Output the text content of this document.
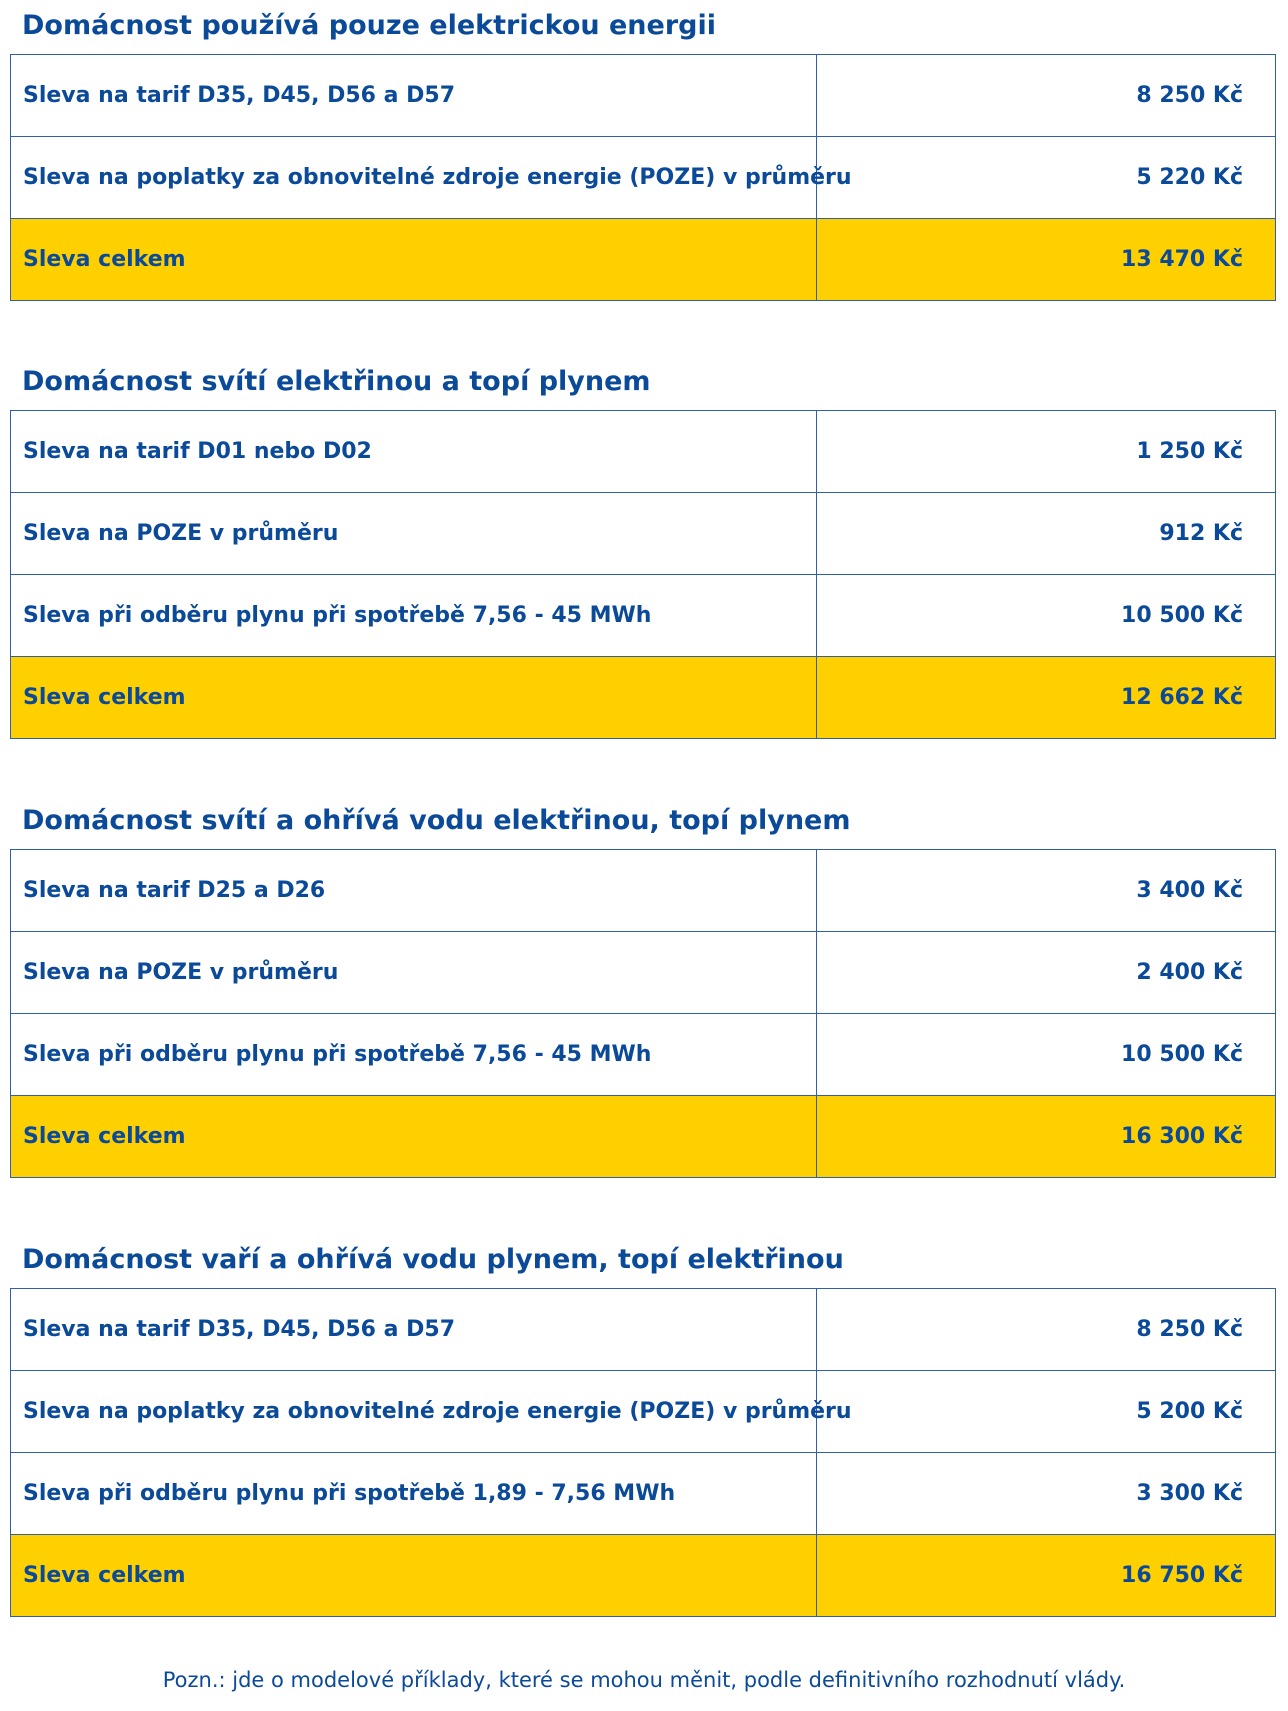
Domácnost používá pouze elektrickou energii
Sleva na tarif D35, D45, D56 a D57	8 250 Kč
Sleva na poplatky za obnovitelné zdroje energie (POZE) v průměru	5 220 Kč
Sleva celkem	13 470 Kč
Domácnost svítí elektřinou a topí plynem
Sleva na tarif D01 nebo D02	1 250 Kč
Sleva na POZE v průměru	912 Kč
Sleva při odběru plynu při spotřebě 7,56 - 45 MWh	10 500 Kč
Sleva celkem	12 662 Kč
Domácnost svítí a ohřívá vodu elektřinou, topí plynem
Sleva na tarif D25 a D26	3 400 Kč
Sleva na POZE v průměru	2 400 Kč
Sleva při odběru plynu při spotřebě 7,56 - 45 MWh	10 500 Kč
Sleva celkem	16 300 Kč
Domácnost vaří a ohřívá vodu plynem, topí elektřinou
Sleva na tarif D35, D45, D56 a D57	8 250 Kč
Sleva na poplatky za obnovitelné zdroje energie (POZE) v průměru	5 200 Kč
Sleva při odběru plynu při spotřebě 1,89 - 7,56 MWh	3 300 Kč
Sleva celkem	16 750 Kč
Pozn.: jde o modelové příklady, které se mohou měnit, podle definitivního rozhodnutí vlády.
